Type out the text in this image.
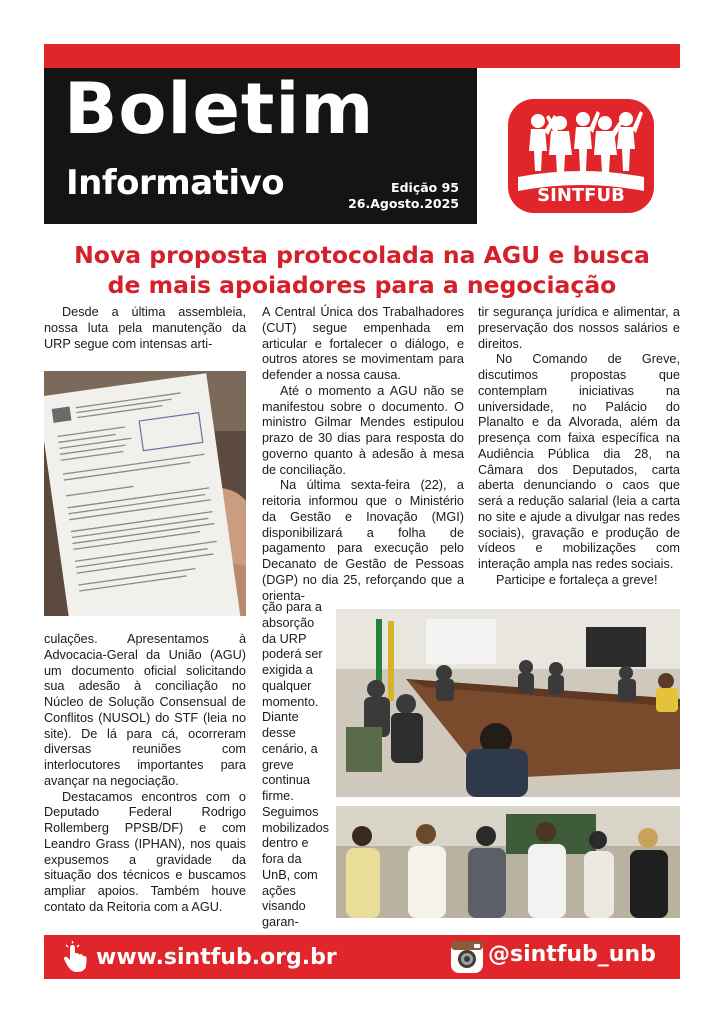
Boletim
Informativo	Edição 95
26.Agosto.2025	SINTFUB
Nova proposta protocolada na AGU e busca
de mais apoiadores para a negociação

Desde a última assembleia, nossa luta pela manutenção da URP segue com intensas arti-

culações. Apresentamos à Advocacia-Geral da União (AGU) um documento oficial solicitando sua adesão à conciliação no Núcleo de Solução Consensual de Conflitos (NUSOL) do STF (leia no site). De lá para cá, ocorreram diversas reuniões com interlocutores importantes para avançar na negociação.

Destacamos encontros com o Deputado Federal Rodrigo Rollemberg PPSB/DF) e com Leandro Grass (IPHAN), nos quais expusemos a gravidade da situação dos técnicos e buscamos ampliar apoios. Também houve contato da Reitoria com a AGU.

A Central Única dos Trabalhadores (CUT) segue empenhada em articular e fortalecer o diálogo, e outros atores se movimentam para defender a nossa causa.

Até o momento a AGU não se manifestou sobre o documento. O ministro Gilmar Mendes estipulou prazo de 30 dias para resposta do governo quanto à adesão à mesa de conciliação.

Na última sexta-feira (22), a reitoria informou que o Ministério da Gestão e Inovação (MGI) disponibilizará a folha de pagamento para execução pelo Decanato de Gestão de Pessoas (DGP) no dia 25, reforçando que a orienta-

ção para a absorção da URP poderá ser exigida a qualquer momento. Diante desse cenário, a greve continua firme. Seguimos mobilizados dentro e fora da UnB, com ações visando garan-

tir segurança jurídica e alimentar, a preservação dos nossos salários e direitos.

No Comando de Greve, discutimos propostas que contemplam iniciativas na universidade, no Palácio do Planalto e da Alvorada, além da presença com faixa específica na Audiência Pública dia 28, na Câmara dos Deputados, carta aberta denunciando o caos que será a redução salarial (leia a carta no site e ajude a divulgar nas redes sociais), gravação e produção de vídeos e mobilizações com interação ampla nas redes sociais.

Participe e fortaleça a greve!

www.sintfub.org.br	@sintfub_unb
